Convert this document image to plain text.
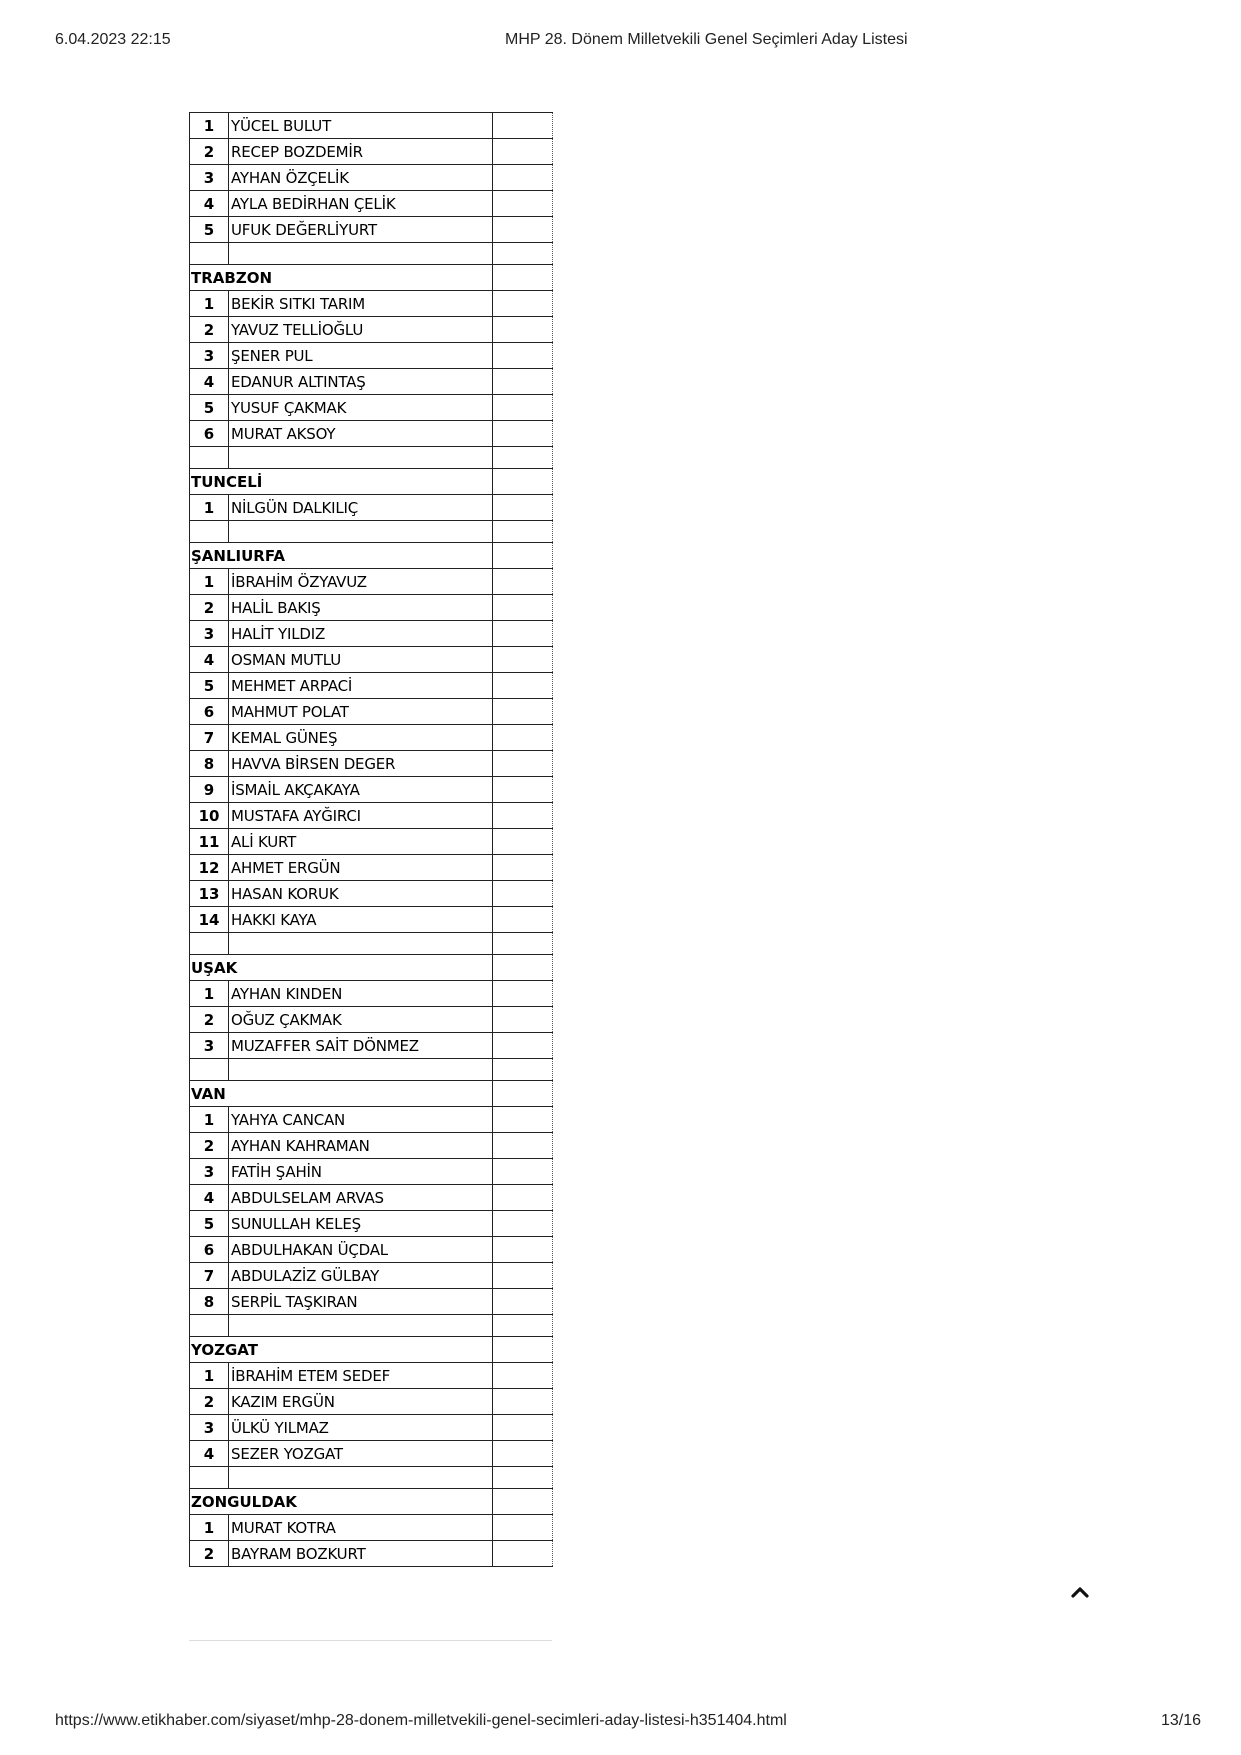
6.04.2023 22:15	MHP 28. Dönem Milletvekili Genel Seçimleri Aday Listesi
1	YÜCEL BULUT	
2	RECEP BOZDEMİR	
3	AYHAN ÖZÇELİK	
4	AYLA BEDİRHAN ÇELİK	
5	UFUK DEĞERLİYURT	

TRABZON		
1	BEKİR SITKI TARIM	
2	YAVUZ TELLİOĞLU	
3	ŞENER PUL	
4	EDANUR ALTINTAŞ	
5	YUSUF ÇAKMAK	
6	MURAT AKSOY	

TUNCELİ		
1	NİLGÜN DALKILIÇ	

ŞANLIURFA		
1	İBRAHİM ÖZYAVUZ	
2	HALİL BAKIŞ	
3	HALİT YILDIZ	
4	OSMAN MUTLU	
5	MEHMET ARPACİ	
6	MAHMUT POLAT	
7	KEMAL GÜNEŞ	
8	HAVVA BİRSEN DEGER	
9	İSMAİL AKÇAKAYA	
10	MUSTAFA AYĞIRCI	
11	ALİ KURT	
12	AHMET ERGÜN	
13	HASAN KORUK	
14	HAKKI KAYA	

UŞAK		
1	AYHAN KINDEN	
2	OĞUZ ÇAKMAK	
3	MUZAFFER SAİT DÖNMEZ	

VAN		
1	YAHYA CANCAN	
2	AYHAN KAHRAMAN	
3	FATİH ŞAHİN	
4	ABDULSELAM ARVAS	
5	SUNULLAH KELEŞ	
6	ABDULHAKAN ÜÇDAL	
7	ABDULAZİZ GÜLBAY	
8	SERPİL TAŞKIRAN	

YOZGAT		
1	İBRAHİM ETEM SEDEF	
2	KAZIM ERGÜN	
3	ÜLKÜ YILMAZ	
4	SEZER YOZGAT	

ZONGULDAK		
1	MURAT KOTRA	
2	BAYRAM BOZKURT	
https://www.etikhaber.com/siyaset/mhp-28-donem-milletvekili-genel-secimleri-aday-listesi-h351404.html	13/16
